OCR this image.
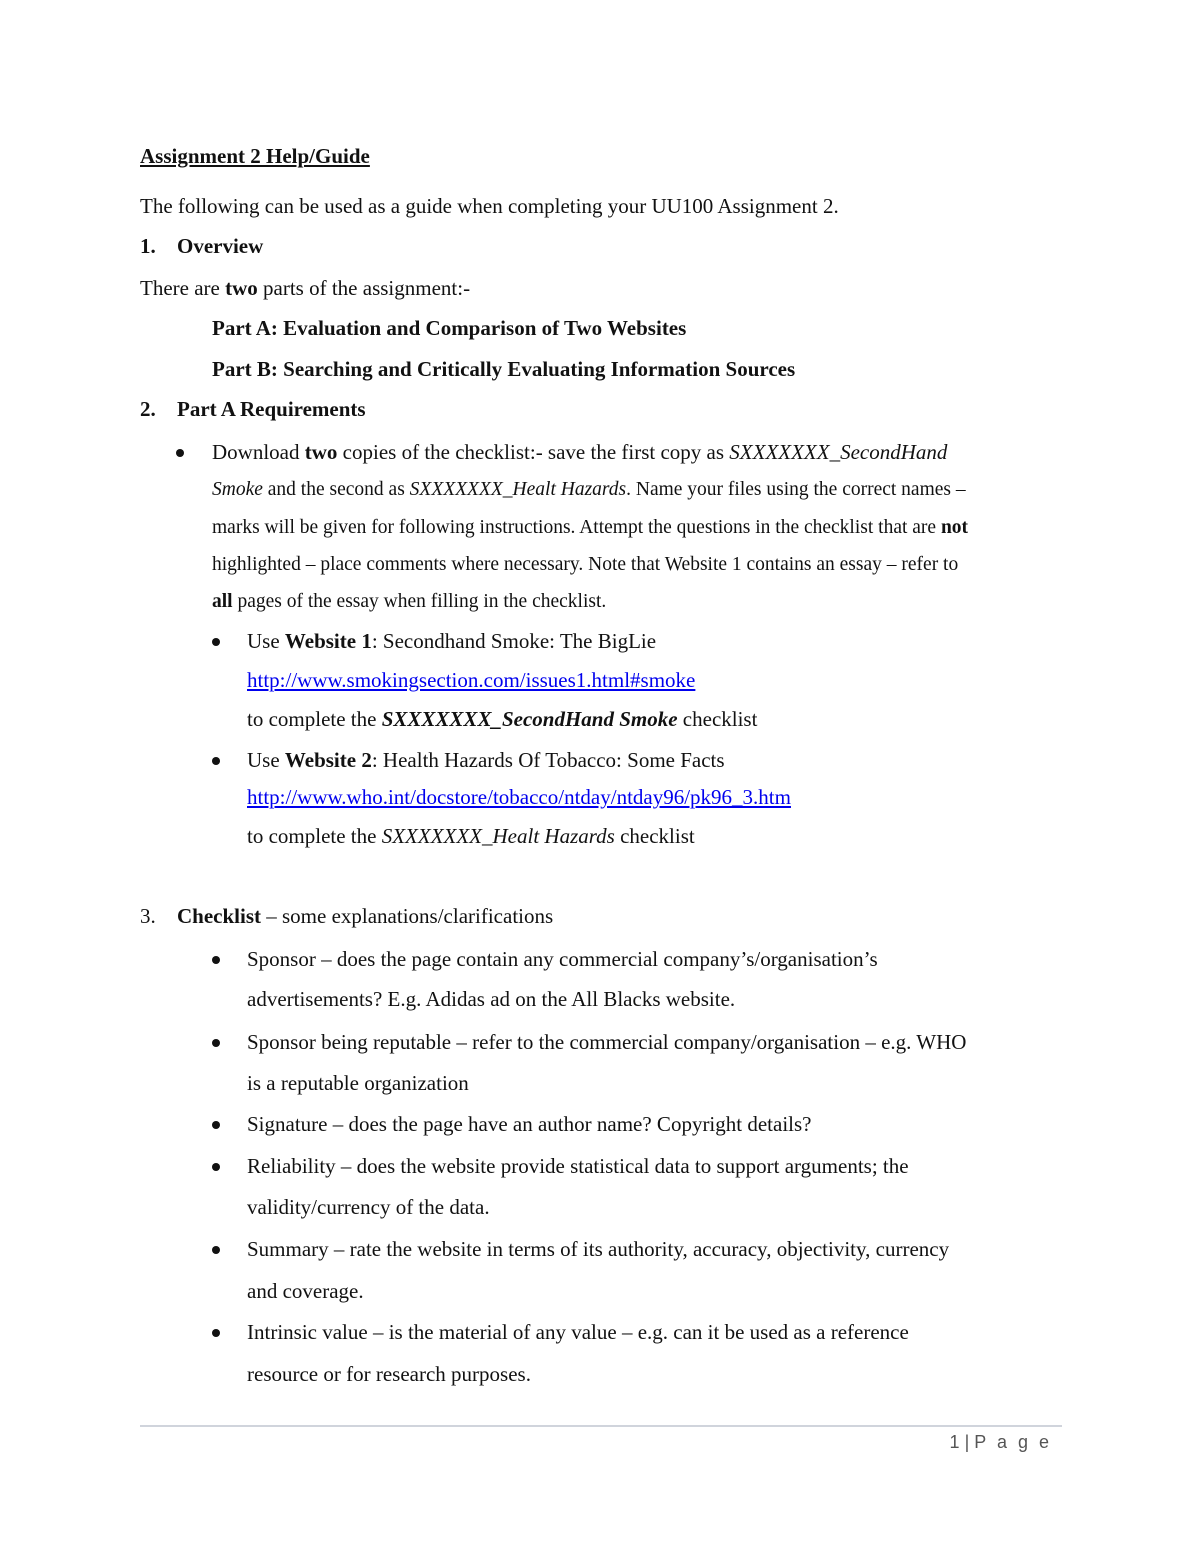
Assignment 2 Help/Guide
The following can be used as a guide when completing your UU100 Assignment 2.
1. Overview
There are two parts of the assignment:-
Part A: Evaluation and Comparison of Two Websites
Part B: Searching and Critically Evaluating Information Sources
2. Part A Requirements
Download two copies of the checklist:- save the first copy as SXXXXXXX_SecondHand
Smoke and the second as SXXXXXXX_Healt Hazards. Name your files using the correct names –
marks will be given for following instructions. Attempt the questions in the checklist that are not
highlighted – place comments where necessary. Note that Website 1 contains an essay – refer to
all pages of the essay when filling in the checklist.
Use Website 1: Secondhand Smoke: The BigLie
http://www.smokingsection.com/issues1.html#smoke
to complete the SXXXXXXX_SecondHand Smoke checklist
Use Website 2: Health Hazards Of Tobacco: Some Facts
http://www.who.int/docstore/tobacco/ntday/ntday96/pk96_3.htm
to complete the SXXXXXXX_Healt Hazards checklist
3. Checklist – some explanations/clarifications
Sponsor – does the page contain any commercial company’s/organisation’s
advertisements? E.g. Adidas ad on the All Blacks website.
Sponsor being reputable – refer to the commercial company/organisation – e.g. WHO
is a reputable organization
Signature – does the page have an author name? Copyright details?
Reliability – does the website provide statistical data to support arguments; the
validity/currency of the data.
Summary – rate the website in terms of its authority, accuracy, objectivity, currency
and coverage.
Intrinsic value – is the material of any value – e.g. can it be used as a reference
resource or for research purposes.
1 | P a g e
